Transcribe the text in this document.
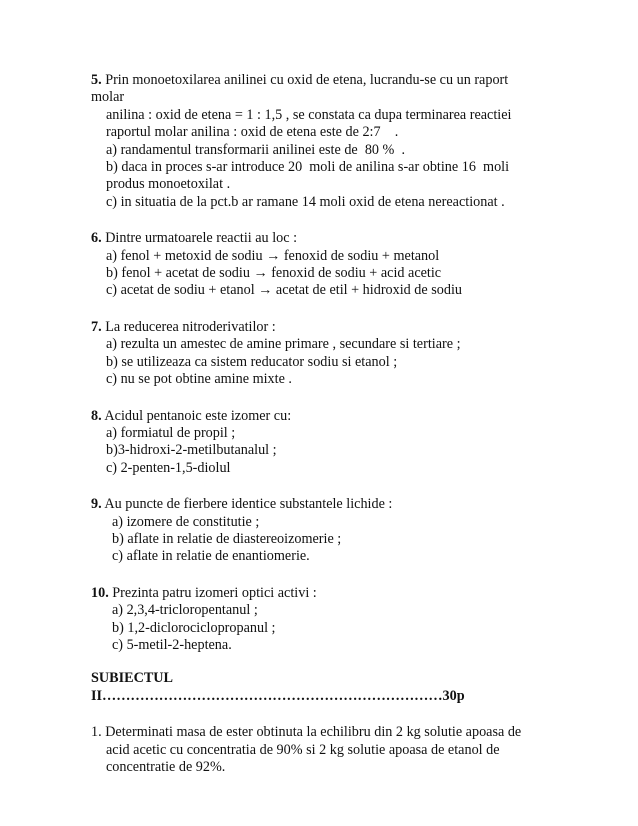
5. Prin monoetoxilarea anilinei cu oxid de etena, lucrandu-se cu un raport
molar
anilina : oxid de etena = 1 : 1,5 , se constata ca dupa terminarea reactiei
raportul molar anilina : oxid de etena este de 2:7    .
a) randamentul transformarii anilinei este de  80 %  .
b) daca in proces s-ar introduce 20  moli de anilina s-ar obtine 16  moli
produs monoetoxilat .
c) in situatia de la pct.b ar ramane 14 moli oxid de etena nereactionat .
6. Dintre urmatoarele reactii au loc :
a) fenol + metoxid de sodiu → fenoxid de sodiu + metanol
b) fenol + acetat de sodiu → fenoxid de sodiu + acid acetic
c) acetat de sodiu + etanol → acetat de etil + hidroxid de sodiu
7. La reducerea nitroderivatilor :
a) rezulta un amestec de amine primare , secundare si tertiare ;
b) se utilizeaza ca sistem reducator sodiu si etanol ;
c) nu se pot obtine amine mixte .
8. Acidul pentanoic este izomer cu:
a) formiatul de propil ;
b)3-hidroxi-2-metilbutanalul ;
c) 2-penten-1,5-diolul
9. Au puncte de fierbere identice substantele lichide :
a) izomere de constitutie ;
b) aflate in relatie de diastereoizomerie ;
c) aflate in relatie de enantiomerie.
10. Prezinta patru izomeri optici activi :
a) 2,3,4-tricloropentanul ;
b) 1,2-diclorociclopropanul ;
c) 5-metil-2-heptena.
SUBIECTUL
II………………………………………………………………30p
1. Determinati masa de ester obtinuta la echilibru din 2 kg solutie apoasa de
acid acetic cu concentratia de 90% si 2 kg solutie apoasa de etanol de
concentratie de 92%.
